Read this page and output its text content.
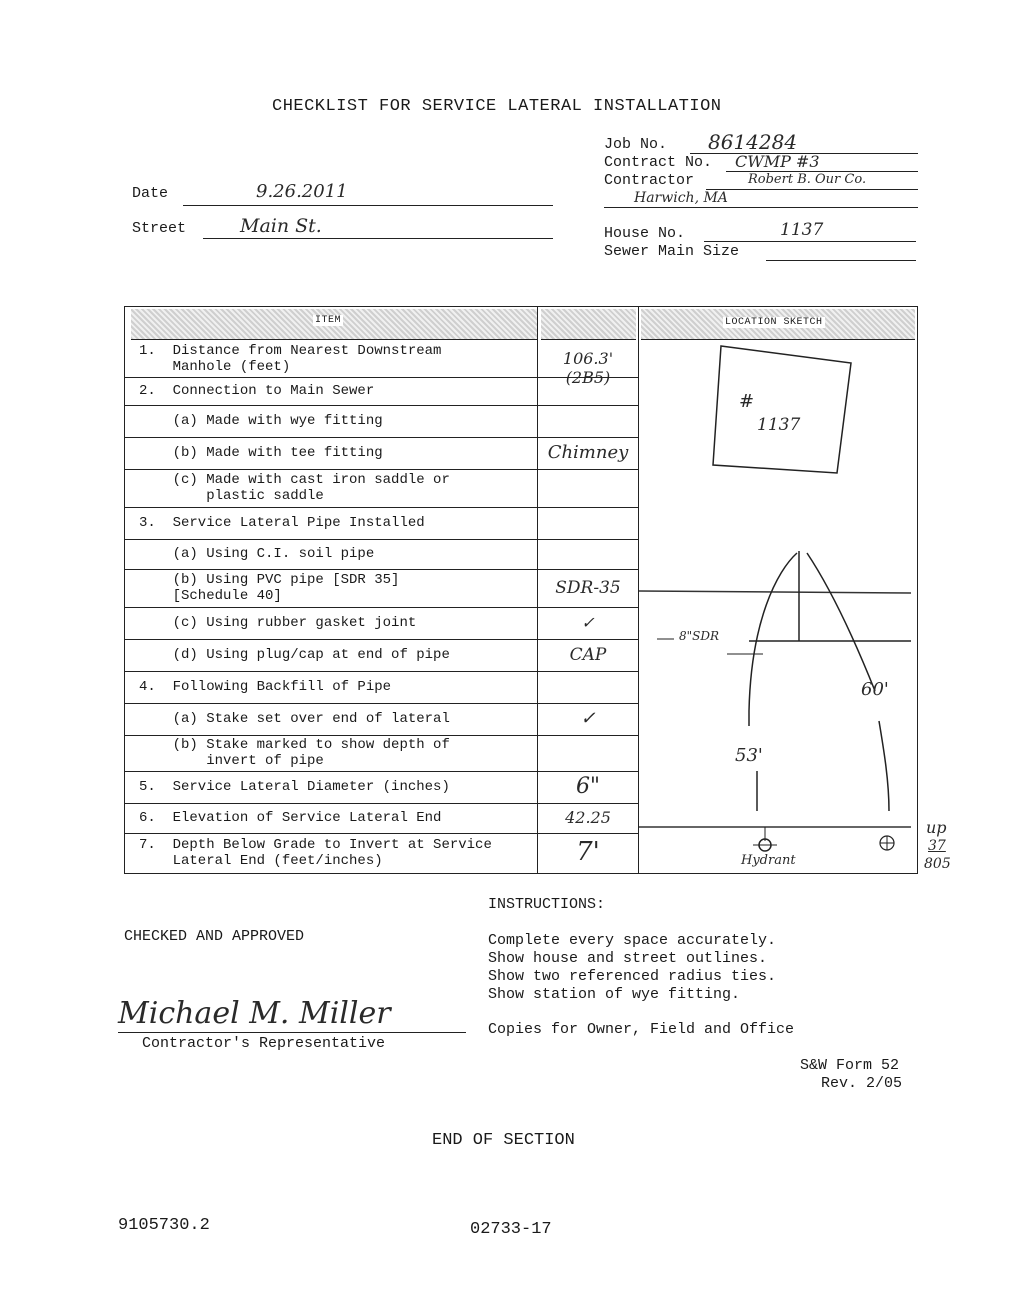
CHECKLIST FOR SERVICE LATERAL INSTALLATION
Job No. 8614284
Contract No. CWMP #3
Contractor	Robert B. Our Co.
Harwich, MA
Date	9.26.2011
Street	Main St.	House No.	1137
Sewer Main Size
ITEM	LOCATION SKETCH
1.  Distance from Nearest Downstream
Manhole (feet)	106.3' (2B5)
2.  Connection to Main Sewer
(a) Made with wye fitting
(b) Made with tee fitting	Chimney
(c) Made with cast iron saddle or
plastic saddle
3.  Service Lateral Pipe Installed
(a) Using C.I. soil pipe
(b) Using PVC pipe [SDR 35]
[Schedule 40]	SDR-35
(c) Using rubber gasket joint	✓
(d) Using plug/cap at end of pipe	CAP
4.  Following Backfill of Pipe
(a) Stake set over end of lateral	✓
(b) Stake marked to show depth of
invert of pipe
5.  Service Lateral Diameter (inches)	6"
6.  Elevation of Service Lateral End	42.25
7.  Depth Below Grade to Invert at Service
Lateral End (feet/inches)	7'
#
1137
8"SDR
60'
53'
Hydrant
up
37
805
INSTRUCTIONS:
CHECKED AND APPROVED	Complete every space accurately.
Show house and street outlines.
Show two referenced radius ties.
Show station of wye fitting.
Copies for Owner, Field and Office
Michael M. Miller
Contractor's Representative
S&W Form 52
Rev. 2/05
END OF SECTION
9105730.2	02733-17
